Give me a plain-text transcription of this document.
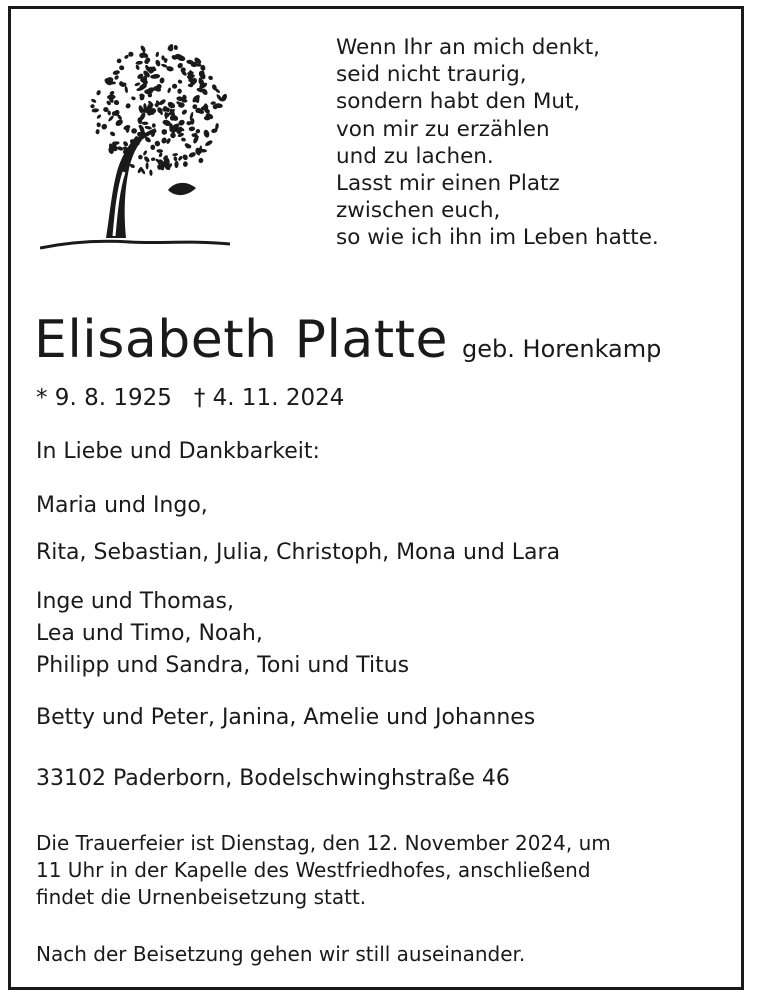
Wenn Ihr an mich denkt,
seid nicht traurig,
sondern habt den Mut,
von mir zu erzählen
und zu lachen.
Lasst mir einen Platz
zwischen euch,
so wie ich ihn im Leben hatte.
Elisabeth Platte geb. Horenkamp
* 9. 8. 1925 † 4. 11. 2024
In Liebe und Dankbarkeit:
Maria und Ingo,
Rita, Sebastian, Julia, Christoph, Mona und Lara
Inge und Thomas,
Lea und Timo, Noah,
Philipp und Sandra, Toni und Titus
Betty und Peter, Janina, Amelie und Johannes
33102 Paderborn, Bodelschwinghstraße 46
Die Trauerfeier ist Dienstag, den 12. November 2024, um
11 Uhr in der Kapelle des Westfriedhofes, anschließend
findet die Urnenbeisetzung statt.
Nach der Beisetzung gehen wir still auseinander.
